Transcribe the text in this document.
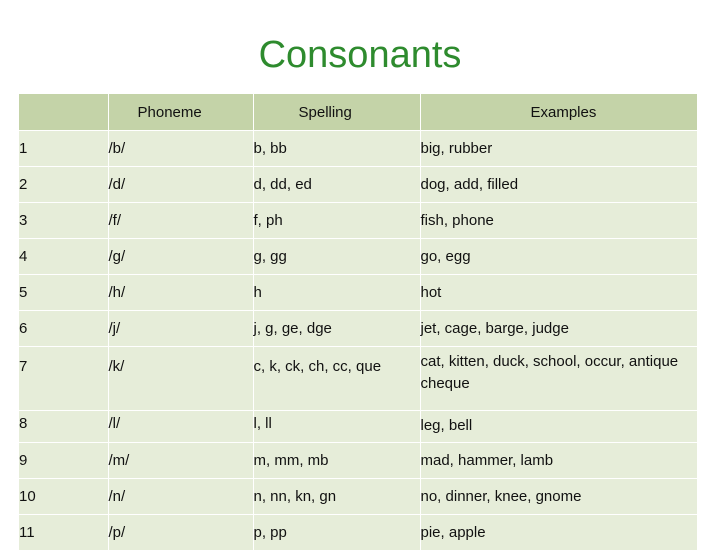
Consonants
	Phoneme	Spelling	Examples
1	/b/	b, bb	big, rubber
2	/d/	d, dd, ed	dog, add, filled
3	/f/	f, ph	fish, phone
4	/g/	g, gg	go, egg
5	/h/	h	hot
6	/j/	j, g, ge, dge	jet, cage, barge, judge
7	/k/	c, k, ck, ch, cc, que	cat, kitten, duck, school, occur, antique cheque
8	/l/	l, ll	leg, bell
9	/m/	m, mm, mb	mad, hammer, lamb
10	/n/	n, nn, kn, gn	no, dinner, knee, gnome
11	/p/	p, pp	pie, apple
